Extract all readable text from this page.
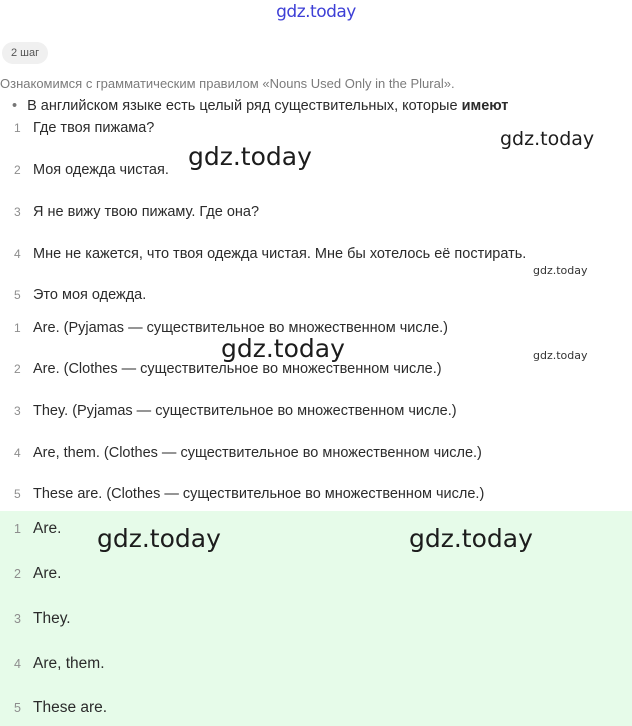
gdz.today
2 шаг
Ознакомимся с грамматическим правилом «Nouns Used Only in the Plural».
• В английском языке есть целый ряд существительных, которые имеют
1 Где твоя пижама?
2 Моя одежда чистая.
3 Я не вижу твою пижаму. Где она?
4 Мне не кажется, что твоя одежда чистая. Мне бы хотелось её постирать.
5 Это моя одежда.
1 Are. (Pyjamas — существительное во множественном числе.)
2 Are. (Clothes — существительное во множественном числе.)
3 They. (Pyjamas — существительное во множественном числе.)
4 Are, them. (Clothes — существительное во множественном числе.)
5 These are. (Clothes — существительное во множественном числе.)
1 Are.
2 Are.
3 They.
4 Are, them.
5 These are.
gdz.today
gdz.today
gdz.today
gdz.today	gdz.today
gdz.today	gdz.today
